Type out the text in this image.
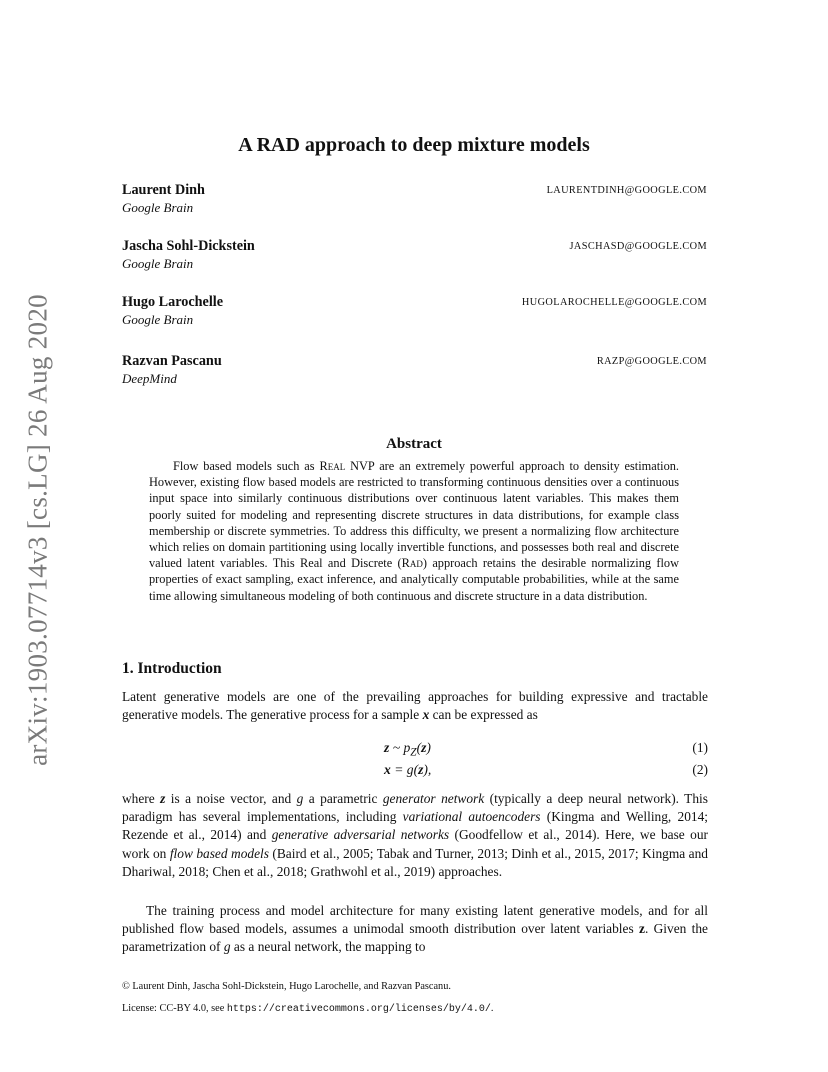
arXiv:1903.07714v3 [cs.LG] 26 Aug 2020
A RAD approach to deep mixture models
Laurent Dinh
Google Brain
LAURENTDINH@GOOGLE.COM
Jascha Sohl-Dickstein
Google Brain
JASCHASD@GOOGLE.COM
Hugo Larochelle
Google Brain
HUGOLAROCHELLE@GOOGLE.COM
Razvan Pascanu
DeepMind
RAZP@GOOGLE.COM
Abstract
Flow based models such as Real NVP are an extremely powerful approach to density estimation. However, existing flow based models are restricted to transforming continuous densities over a continuous input space into similarly continuous distributions over continuous latent variables. This makes them poorly suited for modeling and representing discrete structures in data distributions, for example class membership or discrete symmetries. To address this difficulty, we present a normalizing flow architecture which relies on domain partitioning using locally invertible functions, and possesses both real and discrete valued latent variables. This Real and Discrete (Rad) approach retains the desirable normalizing flow properties of exact sampling, exact inference, and analytically computable probabilities, while at the same time allowing simultaneous modeling of both continuous and discrete structure in a data distribution.
1. Introduction
Latent generative models are one of the prevailing approaches for building expressive and tractable generative models. The generative process for a sample x can be expressed as
z ~ $p_Z(z)$	(1)
x = g(z),	(2)
where z is a noise vector, and g a parametric generator network (typically a deep neural network). This paradigm has several implementations, including variational autoencoders (Kingma and Welling, 2014; Rezende et al., 2014) and generative adversarial networks (Goodfellow et al., 2014). Here, we base our work on flow based models (Baird et al., 2005; Tabak and Turner, 2013; Dinh et al., 2015, 2017; Kingma and Dhariwal, 2018; Chen et al., 2018; Grathwohl et al., 2019) approaches.
The training process and model architecture for many existing latent generative models, and for all published flow based models, assumes a unimodal smooth distribution over latent variables z. Given the parametrization of g as a neural network, the mapping to
© Laurent Dinh, Jascha Sohl-Dickstein, Hugo Larochelle, and Razvan Pascanu.
License: CC-BY 4.0, see https://creativecommons.org/licenses/by/4.0/.
